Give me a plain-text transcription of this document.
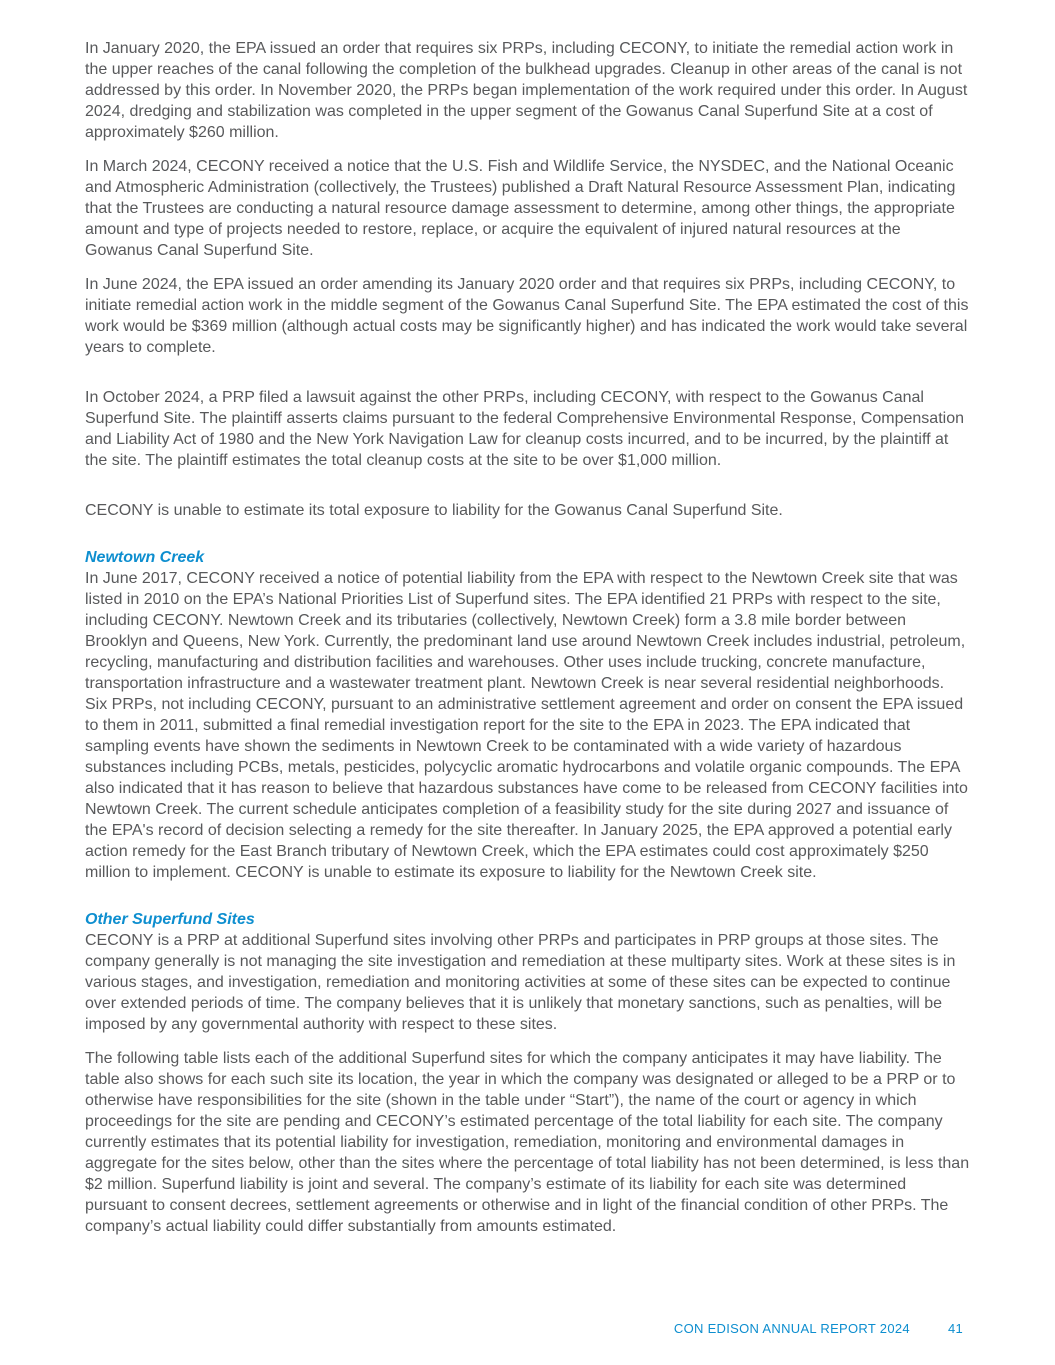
In January 2020, the EPA issued an order that requires six PRPs, including CECONY, to initiate the remedial action work in the upper reaches of the canal following the completion of the bulkhead upgrades. Cleanup in other areas of the canal is not addressed by this order. In November 2020, the PRPs began implementation of the work required under this order. In August 2024, dredging and stabilization was completed in the upper segment of the Gowanus Canal Superfund Site at a cost of approximately $260 million.

In March 2024, CECONY received a notice that the U.S. Fish and Wildlife Service, the NYSDEC, and the National Oceanic and Atmospheric Administration (collectively, the Trustees) published a Draft Natural Resource Assessment Plan, indicating that the Trustees are conducting a natural resource damage assessment to determine, among other things, the appropriate amount and type of projects needed to restore, replace, or acquire the equivalent of injured natural resources at the Gowanus Canal Superfund Site.

In June 2024, the EPA issued an order amending its January 2020 order and that requires six PRPs, including CECONY, to initiate remedial action work in the middle segment of the Gowanus Canal Superfund Site. The EPA estimated the cost of this work would be $369 million (although actual costs may be significantly higher) and has indicated the work would take several years to complete.

In October 2024, a PRP filed a lawsuit against the other PRPs, including CECONY, with respect to the Gowanus Canal Superfund Site. The plaintiff asserts claims pursuant to the federal Comprehensive Environmental Response, Compensation and Liability Act of 1980 and the New York Navigation Law for cleanup costs incurred, and to be incurred, by the plaintiff at the site. The plaintiff estimates the total cleanup costs at the site to be over $1,000 million.

CECONY is unable to estimate its total exposure to liability for the Gowanus Canal Superfund Site.

Newtown Creek

In June 2017, CECONY received a notice of potential liability from the EPA with respect to the Newtown Creek site that was listed in 2010 on the EPA’s National Priorities List of Superfund sites. The EPA identified 21 PRPs with respect to the site, including CECONY. Newtown Creek and its tributaries (collectively, Newtown Creek) form a 3.8 mile border between Brooklyn and Queens, New York. Currently, the predominant land use around Newtown Creek includes industrial, petroleum, recycling, manufacturing and distribution facilities and warehouses. Other uses include trucking, concrete manufacture, transportation infrastructure and a wastewater treatment plant. Newtown Creek is near several residential neighborhoods. Six PRPs, not including CECONY, pursuant to an administrative settlement agreement and order on consent the EPA issued to them in 2011, submitted a final remedial investigation report for the site to the EPA in 2023. The EPA indicated that sampling events have shown the sediments in Newtown Creek to be contaminated with a wide variety of hazardous substances including PCBs, metals, pesticides, polycyclic aromatic hydrocarbons and volatile organic compounds. The EPA also indicated that it has reason to believe that hazardous substances have come to be released from CECONY facilities into Newtown Creek. The current schedule anticipates completion of a feasibility study for the site during 2027 and issuance of the EPA's record of decision selecting a remedy for the site thereafter. In January 2025, the EPA approved a potential early action remedy for the East Branch tributary of Newtown Creek, which the EPA estimates could cost approximately $250 million to implement. CECONY is unable to estimate its exposure to liability for the Newtown Creek site.

Other Superfund Sites

CECONY is a PRP at additional Superfund sites involving other PRPs and participates in PRP groups at those sites. The company generally is not managing the site investigation and remediation at these multiparty sites. Work at these sites is in various stages, and investigation, remediation and monitoring activities at some of these sites can be expected to continue over extended periods of time. The company believes that it is unlikely that monetary sanctions, such as penalties, will be imposed by any governmental authority with respect to these sites.

The following table lists each of the additional Superfund sites for which the company anticipates it may have liability. The table also shows for each such site its location, the year in which the company was designated or alleged to be a PRP or to otherwise have responsibilities for the site (shown in the table under “Start”), the name of the court or agency in which proceedings for the site are pending and CECONY’s estimated percentage of the total liability for each site. The company currently estimates that its potential liability for investigation, remediation, monitoring and environmental damages in aggregate for the sites below, other than the sites where the percentage of total liability has not been determined, is less than $2 million. Superfund liability is joint and several. The company’s estimate of its liability for each site was determined pursuant to consent decrees, settlement agreements or otherwise and in light of the financial condition of other PRPs. The company’s actual liability could differ substantially from amounts estimated.

CON EDISON ANNUAL REPORT 2024	41
